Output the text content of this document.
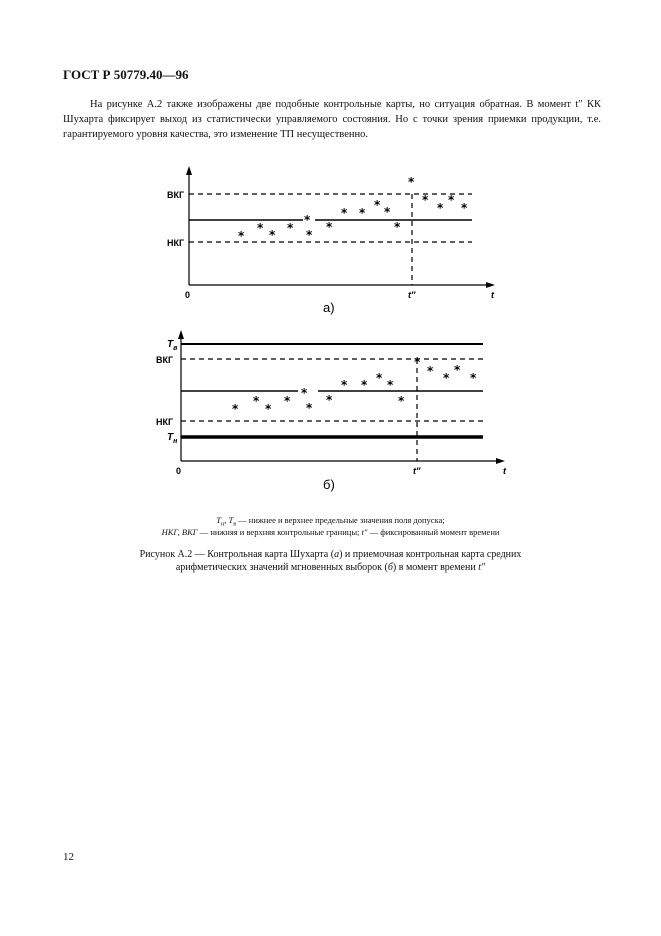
ГОСТ Р 50779.40—96
На рисунке А.2 также изображены две подобные контрольные карты, но ситуация обратная. В момент t″ КК Шухарта фиксирует выход из статистически управляемого состояния. Но с точки зрения приемки продукции, т.е. гарантируемого уровня качества, это изменение ТП несущественно.
ВКГ
НКГ
0	t
t″
а)
*
* * *
*
*
*
* *
* *
*
*
*
*
*
*
$T_в$
ВКГ
НКГ
$T_н$
0	t
t″
б)
*
*
*
*
*
*
*
* * * *
*
*
* *
*
*
$T_н$, $T_в$ — нижнее и верхнее предельные значения поля допуска;
НКГ, ВКГ — нижняя и верхняя контрольные границы; t″ — фиксированный момент времени
Рисунок А.2 — Контрольная карта Шухарта (а) и приемочная контрольная карта средних
арифметических значений мгновенных выборок (б) в момент времени t″
12
